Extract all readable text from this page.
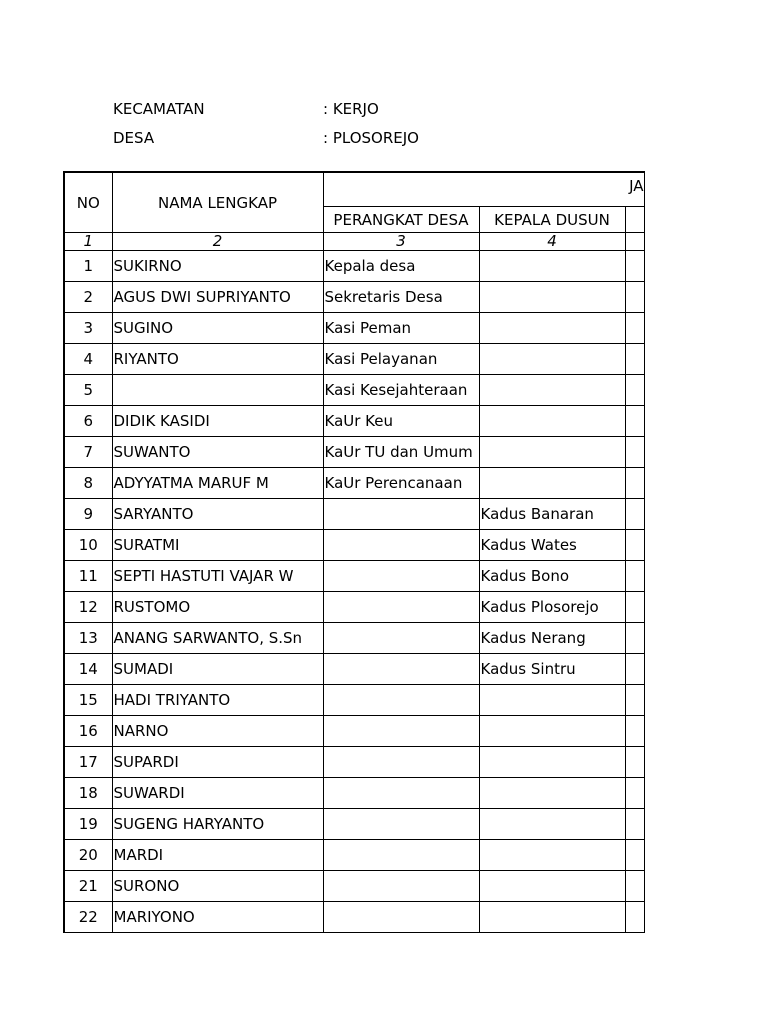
KECAMATAN	: KERJO
DESA	: PLOSOREJO
NO	NAMA LENGKAP	JA		
		PERANGKAT DESA	KEPALA DUSUN	
1	2	3	4	
1	SUKIRNO	Kepala desa		
2	AGUS DWI SUPRIYANTO	Sekretaris Desa		
3	SUGINO	Kasi Peman		
4	RIYANTO	Kasi Pelayanan		
5		Kasi Kesejahteraan		
6	DIDIK KASIDI	KaUr Keu		
7	SUWANTO	KaUr TU dan Umum		
8	ADYYATMA MARUF M	KaUr Perencanaan		
9	SARYANTO		Kadus Banaran	
10	SURATMI		Kadus Wates	
11	SEPTI HASTUTI VAJAR W		Kadus Bono	
12	RUSTOMO		Kadus Plosorejo	
13	ANANG SARWANTO, S.Sn		Kadus Nerang	
14	SUMADI		Kadus Sintru	
15	HADI TRIYANTO			
16	NARNO			
17	SUPARDI			
18	SUWARDI			
19	SUGENG HARYANTO			
20	MARDI			
21	SURONO			
22	MARIYONO			
